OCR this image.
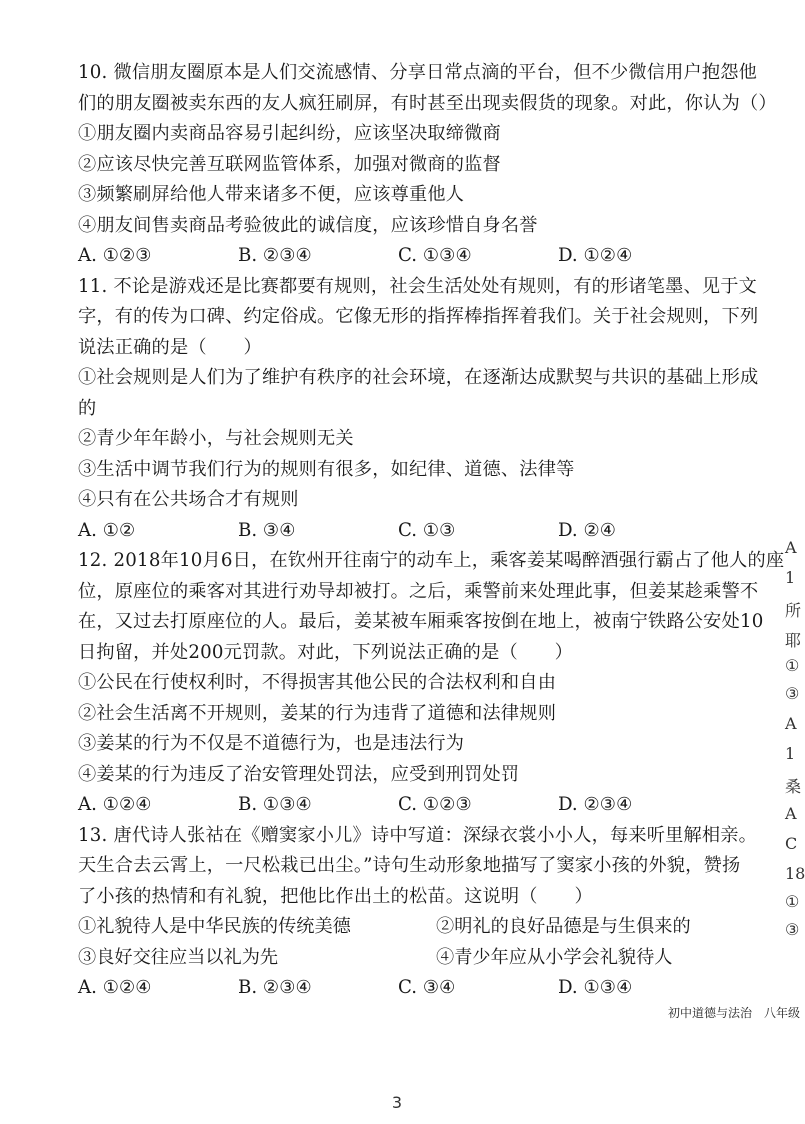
10. 微信朋友圈原本是人们交流感情、分享日常点滴的平台，但不少微信用户抱怨他
们的朋友圈被卖东西的友人疯狂刷屏，有时甚至出现卖假货的现象。对此，你认为（）
①朋友圈内卖商品容易引起纠纷，应该坚决取缔微商
②应该尽快完善互联网监管体系，加强对微商的监督
③频繁刷屏给他人带来诸多不便，应该尊重他人
④朋友间售卖商品考验彼此的诚信度，应该珍惜自身名誉
A. ①②③	B. ②③④	C. ①③④	D. ①②④
11. 不论是游戏还是比赛都要有规则，社会生活处处有规则，有的形诸笔墨、见于文
字，有的传为口碑、约定俗成。它像无形的指挥棒指挥着我们。关于社会规则，下列
说法正确的是（　　）
①社会规则是人们为了维护有秩序的社会环境，在逐渐达成默契与共识的基础上形成
的
②青少年年龄小，与社会规则无关
③生活中调节我们行为的规则有很多，如纪律、道德、法律等
④只有在公共场合才有规则
A. ①②	B. ③④	C. ①③	D. ②④
12. 2018年10月6日，在钦州开往南宁的动车上，乘客姜某喝醉酒强行霸占了他人的座
位，原座位的乘客对其进行劝导却被打。之后，乘警前来处理此事，但姜某趁乘警不
在，又过去打原座位的人。最后，姜某被车厢乘客按倒在地上，被南宁铁路公安处10
日拘留，并处200元罚款。对此，下列说法正确的是（　　）
①公民在行使权利时，不得损害其他公民的合法权利和自由
②社会生活离不开规则，姜某的行为违背了道德和法律规则
③姜某的行为不仅是不道德行为，也是违法行为
④姜某的行为违反了治安管理处罚法，应受到刑罚处罚
A. ①②④	B. ①③④	C. ①②③	D. ②③④
13. 唐代诗人张祜在《赠窦家小儿》诗中写道：深绿衣裳小小人，每来听里解相亲。
天生合去云霄上，一尺松栽已出尘。”诗句生动形象地描写了窦家小孩的外貌，赞扬
了小孩的热情和有礼貌，把他比作出土的松苗。这说明（　　）
①礼貌待人是中华民族的传统美德	②明礼的良好品德是与生俱来的
③良好交往应当以礼为先	④青少年应从小学会礼貌待人
A. ①②④	B. ②③④	C. ③④	D. ①③④
A
1
所
耶
①
③
A
1
桑
A
C
18
①
③
初中道德与法治　八年级
3
